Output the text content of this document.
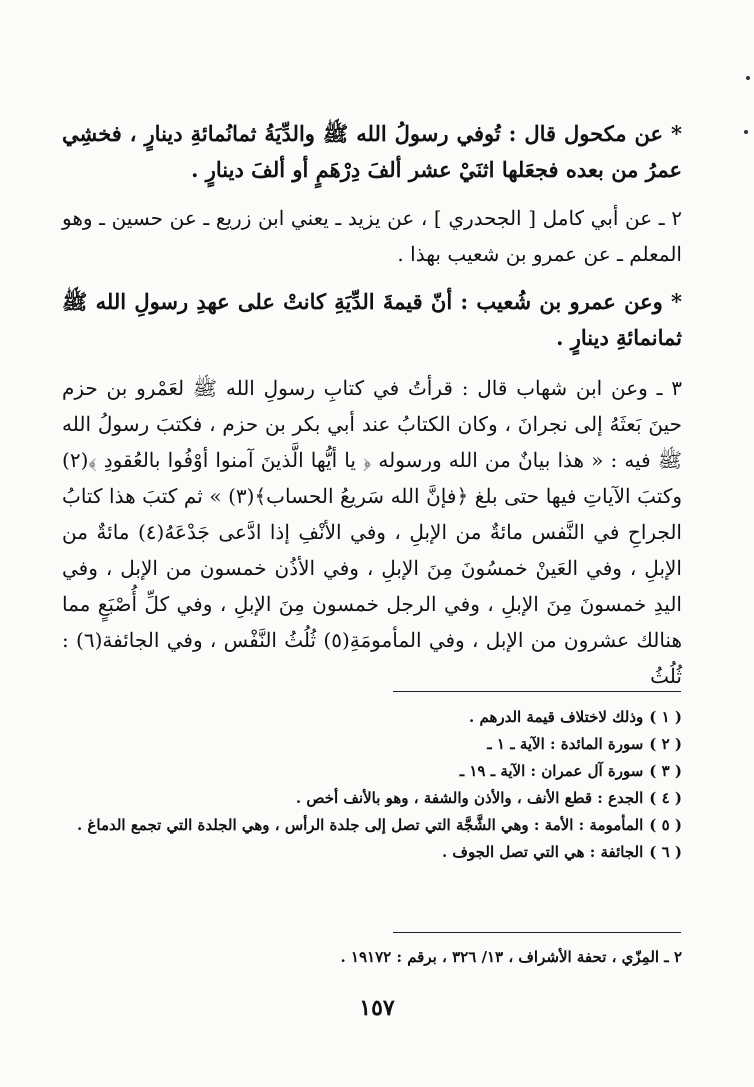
* عن مكحول قال : تُوفي رسولُ الله ﷺ والدِّيَةُ ثمانُمائةِ دينارٍ ، فخشِي عمرُ من بعده فجعَلها اثنَيْ عشر ألفَ دِرْهَمٍ أو ألفَ دينارٍ .

٢ ـ عن أبي كامل [ الجحدري ] ، عن يزيد ـ يعني ابن زريع ـ عن حسين ـ وهو المعلم ـ عن عمرو بن شعيب بهذا .

* وعن عمرو بن شُعيب : أنّ قيمةَ الدِّيَةِ كانتْ على عهدِ رسولِ الله ﷺ ثمانمائةِ دينارٍ .

٣ ـ وعن ابن شهاب قال : قرأتُ في كتابِ رسولِ الله ﷺ لعَمْرو بن حزم حينَ بَعثَهُ إلى نجرانَ ، وكان الكتابُ عند أبي بكر بن حزم ، فكتبَ رسولُ الله ﷺ فيه : « هذا بيانٌ من الله ورسوله ﴿ يا أيُّها الَّذينَ آمنوا أوْفُوا بالعُقودِ ﴾(٢) وكتبَ الآياتِ فيها حتى بلغ ﴿فإنَّ الله سَريعُ الحساب﴾(٣) » ثم كتبَ هذا كتابُ الجراحِ في النَّفس مائةٌ من الإبلِ ، وفي الأنْفِ إذا ادَّعى جَدْعَهُ(٤) مائةٌ من الإبلِ ، وفي العَينْ خمسُونَ مِنَ الإبلِ ، وفي الأذُن خمسون من الإبل ، وفي اليدِ خمسونَ مِنَ الإبلِ ، وفي الرجل خمسون مِنَ الإبلِ ، وفي كلِّ أُصْبَعٍ مما هنالك عشرون من الإبل ، وفي المأمومَةِ(٥) ثُلُثُ النَّفْس ، وفي الجائفة(٦) : ثُلُثُ

( ١ )وذلك لاختلاف قيمة الدرهم .
( ٢ )سورة المائدة : الآية ـ ١ ـ
( ٣ )سورة آل عمران : الآية ـ ١٩ ـ
( ٤ )الجدع : قطع الأنف ، والأذن والشفة ، وهو بالأنف أخص .
( ٥ )المأمومة : الأمة : وهي الشَّجَّة التي تصل إلى جلدة الرأس ، وهي الجلدة التي تجمع الدماغ .
( ٦ )الجائفة : هي التي تصل الجوف .

٢ ـ المِزّي ، تحفة الأشراف ، ١٣/ ٣٢٦ ، برقم : ١٩١٧٢ .

١٥٧
